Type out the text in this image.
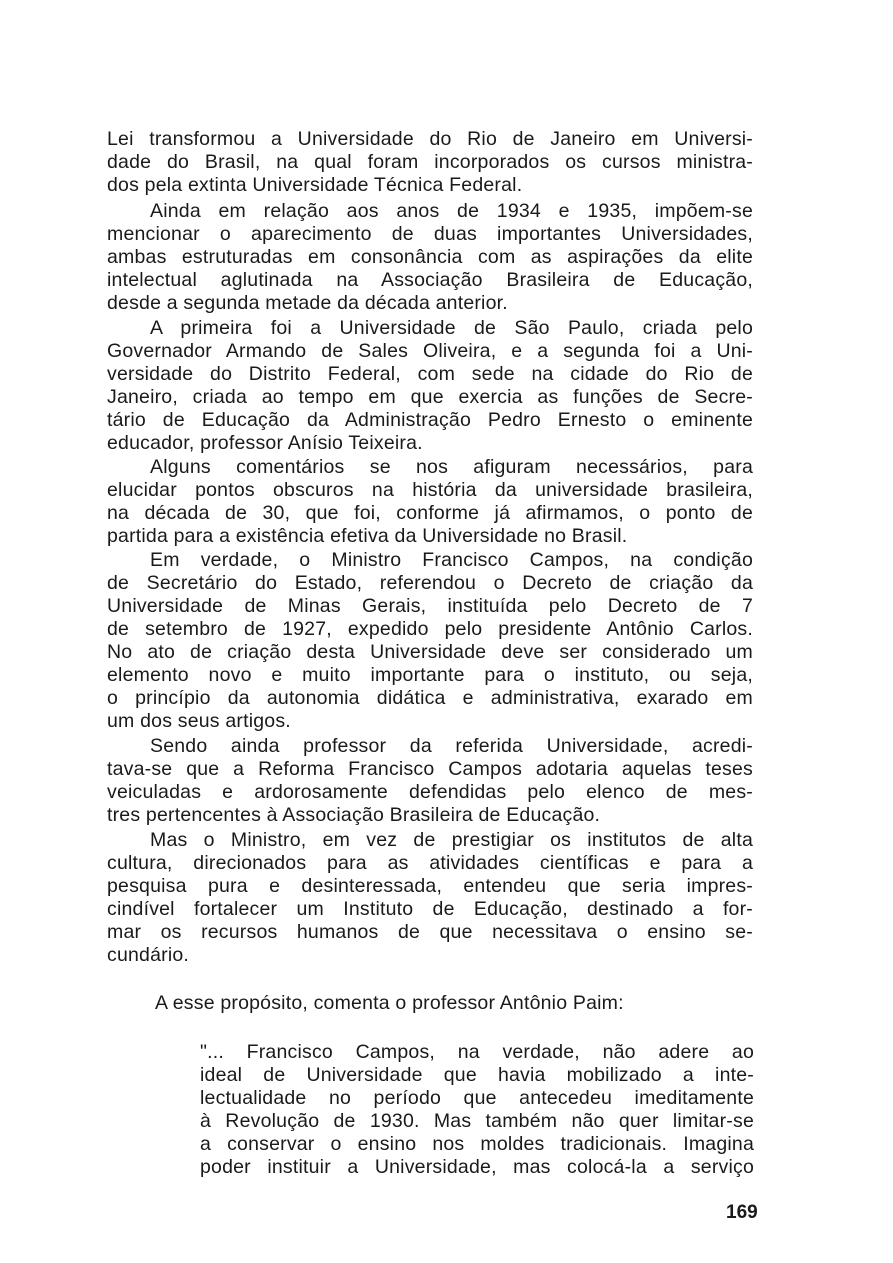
Lei transformou a Universidade do Rio de Janeiro em Universi-
dade do Brasil, na qual foram incorporados os cursos ministra-
dos pela extinta Universidade Técnica Federal.
Ainda em relação aos anos de 1934 e 1935, impõem-se
mencionar o aparecimento de duas importantes Universidades,
ambas estruturadas em consonância com as aspirações da elite
intelectual aglutinada na Associação Brasileira de Educação,
desde a segunda metade da década anterior.
A primeira foi a Universidade de São Paulo, criada pelo
Governador Armando de Sales Oliveira, e a segunda foi a Uni-
versidade do Distrito Federal, com sede na cidade do Rio de
Janeiro, criada ao tempo em que exercia as funções de Secre-
tário de Educação da Administração Pedro Ernesto o eminente
educador, professor Anísio Teixeira.
Alguns comentários se nos afiguram necessários, para
elucidar pontos obscuros na história da universidade brasileira,
na década de 30, que foi, conforme já afirmamos, o ponto de
partida para a existência efetiva da Universidade no Brasil.
Em verdade, o Ministro Francisco Campos, na condição
de Secretário do Estado, referendou o Decreto de criação da
Universidade de Minas Gerais, instituída pelo Decreto de 7
de setembro de 1927, expedido pelo presidente Antônio Carlos.
No ato de criação desta Universidade deve ser considerado um
elemento novo e muito importante para o instituto, ou seja,
o princípio da autonomia didática e administrativa, exarado em
um dos seus artigos.
Sendo ainda professor da referida Universidade, acredi-
tava-se que a Reforma Francisco Campos adotaria aquelas teses
veiculadas e ardorosamente defendidas pelo elenco de mes-
tres pertencentes à Associação Brasileira de Educação.
Mas o Ministro, em vez de prestigiar os institutos de alta
cultura, direcionados para as atividades científicas e para a
pesquisa pura e desinteressada, entendeu que seria impres-
cindível fortalecer um Instituto de Educação, destinado a for-
mar os recursos humanos de que necessitava o ensino se-
cundário.
A esse propósito, comenta o professor Antônio Paim:
"... Francisco Campos, na verdade, não adere ao
ideal de Universidade que havia mobilizado a inte-
lectualidade no período que antecedeu imeditamente
à Revolução de 1930. Mas também não quer limitar-se
a conservar o ensino nos moldes tradicionais. Imagina
poder instituir a Universidade, mas colocá-la a serviço
169
